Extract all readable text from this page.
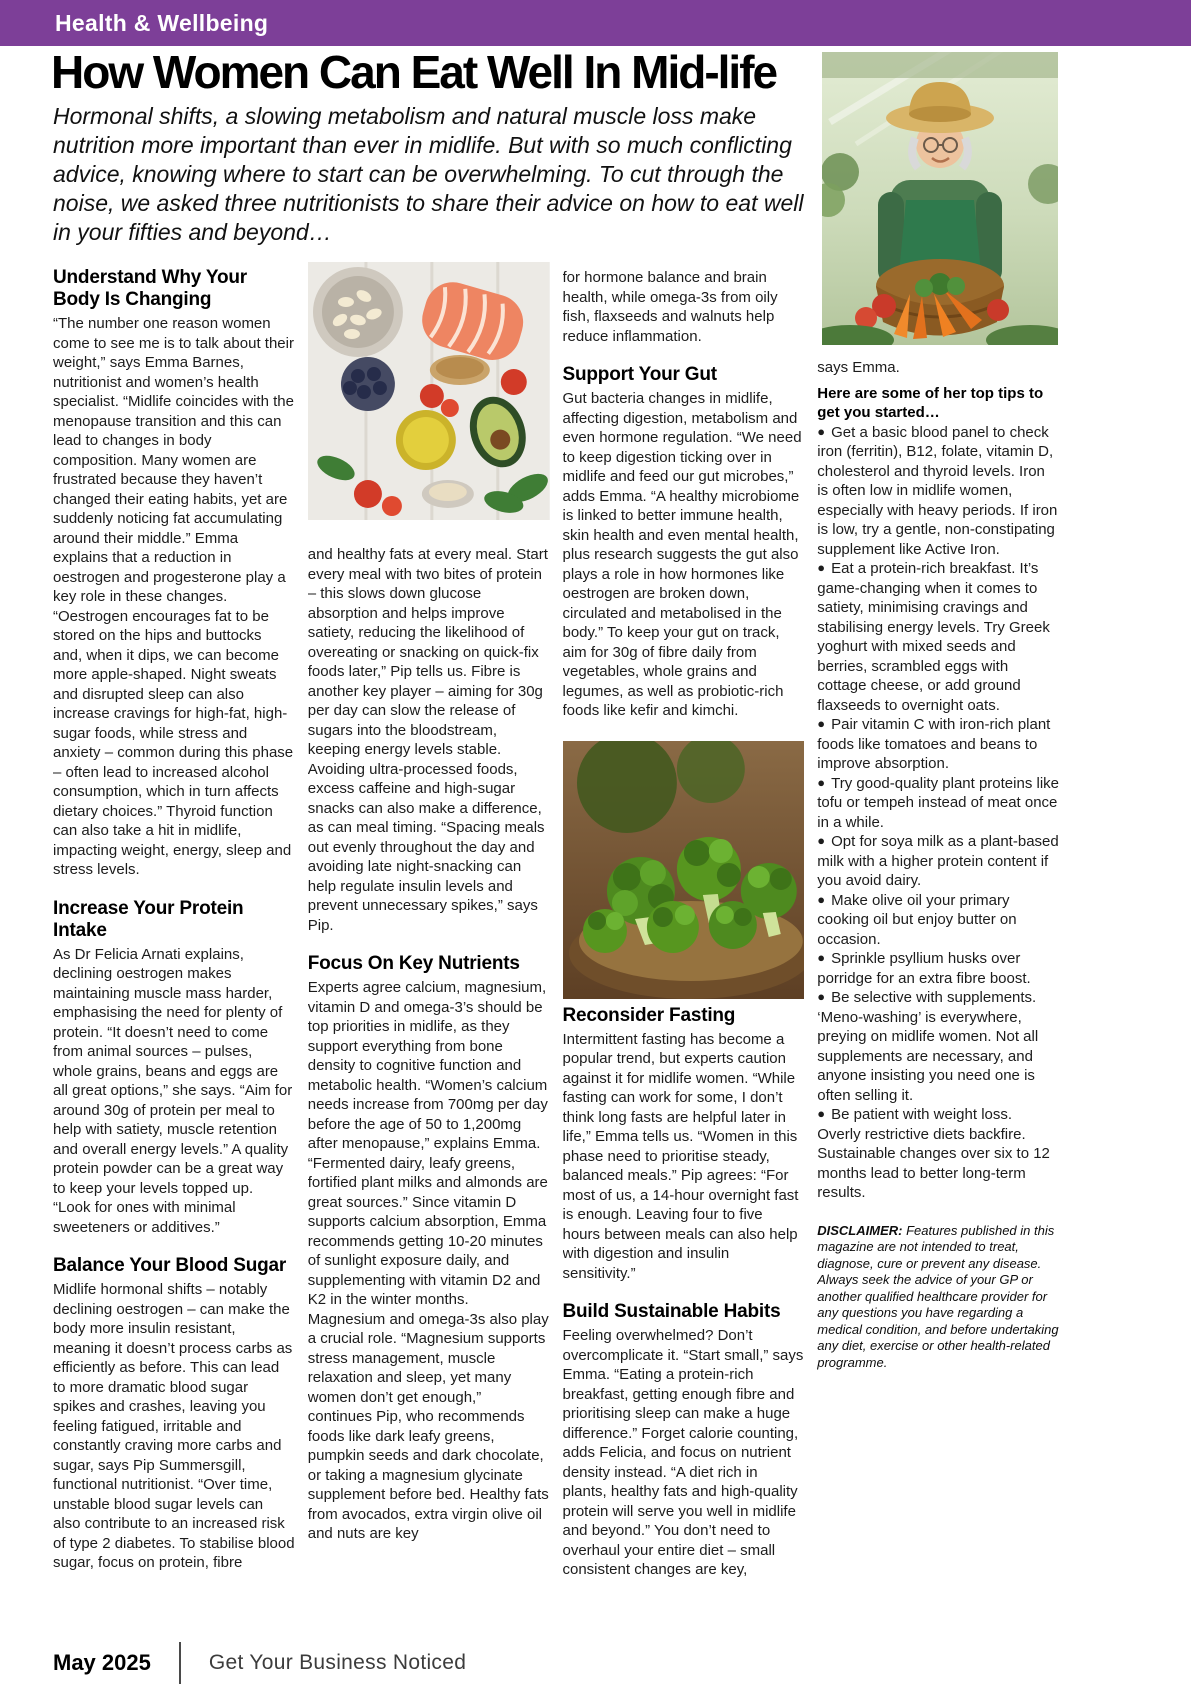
Health & Wellbeing
How Women Can Eat Well In Mid-life

Hormonal shifts, a slowing metabolism and natural muscle loss make nutrition more important than ever in midlife. But with so much conflicting advice, knowing where to start can be overwhelming. To cut through the noise, we asked three nutritionists to share their advice on how to eat well in your fifties and beyond…

Understand Why Your Body Is Changing

“The number one reason women come to see me is to talk about their weight,” says Emma Barnes, nutritionist and women’s health specialist. “Midlife coincides with the menopause transition and this can lead to changes in body composition. Many women are frustrated because they haven’t changed their eating habits, yet are suddenly noticing fat accumulating around their middle.” Emma explains that a reduction in oestrogen and progesterone play a key role in these changes. “Oestrogen encourages fat to be stored on the hips and buttocks and, when it dips, we can become more apple-shaped. Night sweats and disrupted sleep can also increase cravings for high-fat, high-sugar foods, while stress and anxiety – common during this phase – often lead to increased alcohol consumption, which in turn affects dietary choices.” Thyroid function can also take a hit in midlife, impacting weight, energy, sleep and stress levels.

Increase Your Protein Intake

As Dr Felicia Arnati explains, declining oestrogen makes maintaining muscle mass harder, emphasising the need for plenty of protein. “It doesn’t need to come from animal sources – pulses, whole grains, beans and eggs are all great options,” she says. “Aim for around 30g of protein per meal to help with satiety, muscle retention and overall energy levels.” A quality protein powder can be a great way to keep your levels topped up. “Look for ones with minimal sweeteners or additives.”

Balance Your Blood Sugar

Midlife hormonal shifts – notably declining oestrogen – can make the body more insulin resistant, meaning it doesn’t process carbs as efficiently as before. This can lead to more dramatic blood sugar spikes and crashes, leaving you feeling fatigued, irritable and constantly craving more carbs and sugar, says Pip Summersgill, functional nutritionist. “Over time, unstable blood sugar levels can also contribute to an increased risk of type 2 diabetes. To stabilise blood sugar, focus on protein, fibre

and healthy fats at every meal. Start every meal with two bites of protein – this slows down glucose absorption and helps improve satiety, reducing the likelihood of overeating or snacking on quick-fix foods later,” Pip tells us. Fibre is another key player – aiming for 30g per day can slow the release of sugars into the bloodstream, keeping energy levels stable. Avoiding ultra-processed foods, excess caffeine and high-sugar snacks can also make a difference, as can meal timing. “Spacing meals out evenly throughout the day and avoiding late night-snacking can help regulate insulin levels and prevent unnecessary spikes,” says Pip.

Focus On Key Nutrients

Experts agree calcium, magnesium, vitamin D and omega-3’s should be top priorities in midlife, as they support everything from bone density to cognitive function and metabolic health. “Women’s calcium needs increase from 700mg per day before the age of 50 to 1,200mg after menopause,” explains Emma. “Fermented dairy, leafy greens, fortified plant milks and almonds are great sources.” Since vitamin D supports calcium absorption, Emma recommends getting 10-20 minutes of sunlight exposure daily, and supplementing with vitamin D2 and K2 in the winter months. Magnesium and omega-3s also play a crucial role. “Magnesium supports stress management, muscle relaxation and sleep, yet many women don’t get enough,” continues Pip, who recommends foods like dark leafy greens, pumpkin seeds and dark chocolate, or taking a magnesium glycinate supplement before bed. Healthy fats from avocados, extra virgin olive oil and nuts are key

for hormone balance and brain health, while omega-3s from oily fish, flaxseeds and walnuts help reduce inflammation.

Support Your Gut

Gut bacteria changes in midlife, affecting digestion, metabolism and even hormone regulation. “We need to keep digestion ticking over in midlife and feed our gut microbes,” adds Emma. “A healthy microbiome is linked to better immune health, skin health and even mental health, plus research suggests the gut also plays a role in how hormones like oestrogen are broken down, circulated and metabolised in the body.” To keep your gut on track, aim for 30g of fibre daily from vegetables, whole grains and legumes, as well as probiotic-rich foods like kefir and kimchi.

Reconsider Fasting

Intermittent fasting has become a popular trend, but experts caution against it for midlife women. “While fasting can work for some, I don’t think long fasts are helpful later in life,” Emma tells us. “Women in this phase need to prioritise steady, balanced meals.” Pip agrees: “For most of us, a 14-hour overnight fast is enough. Leaving four to five hours between meals can also help with digestion and insulin sensitivity.”

Build Sustainable Habits

Feeling overwhelmed? Don’t overcomplicate it. “Start small,” says Emma. “Eating a protein-rich breakfast, getting enough fibre and prioritising sleep can make a huge difference.” Forget calorie counting, adds Felicia, and focus on nutrient density instead. “A diet rich in plants, healthy fats and high-quality protein will serve you well in midlife and beyond.” You don’t need to overhaul your entire diet – small consistent changes are key,

says Emma.

Here are some of her top tips to get you started…

● Get a basic blood panel to check iron (ferritin), B12, folate, vitamin D, cholesterol and thyroid levels. Iron is often low in midlife women, especially with heavy periods. If iron is low, try a gentle, non-constipating supplement like Active Iron.

● Eat a protein-rich breakfast. It’s game-changing when it comes to satiety, minimising cravings and stabilising energy levels. Try Greek yoghurt with mixed seeds and berries, scrambled eggs with cottage cheese, or add ground flaxseeds to overnight oats.

● Pair vitamin C with iron-rich plant foods like tomatoes and beans to improve absorption.

● Try good-quality plant proteins like tofu or tempeh instead of meat once in a while.

● Opt for soya milk as a plant-based milk with a higher protein content if you avoid dairy.

● Make olive oil your primary cooking oil but enjoy butter on occasion.

● Sprinkle psyllium husks over porridge for an extra fibre boost.

● Be selective with supplements. ‘Meno-washing’ is everywhere, preying on midlife women. Not all supplements are necessary, and anyone insisting you need one is often selling it.

● Be patient with weight loss. Overly restrictive diets backfire. Sustainable changes over six to 12 months lead to better long-term results.

DISCLAIMER: Features published in this magazine are not intended to treat, diagnose, cure or prevent any disease. Always seek the advice of your GP or another qualified healthcare provider for any questions you have regarding a medical condition, and before undertaking any diet, exercise or other health-related programme.

May 2025	Get Your Business Noticed
